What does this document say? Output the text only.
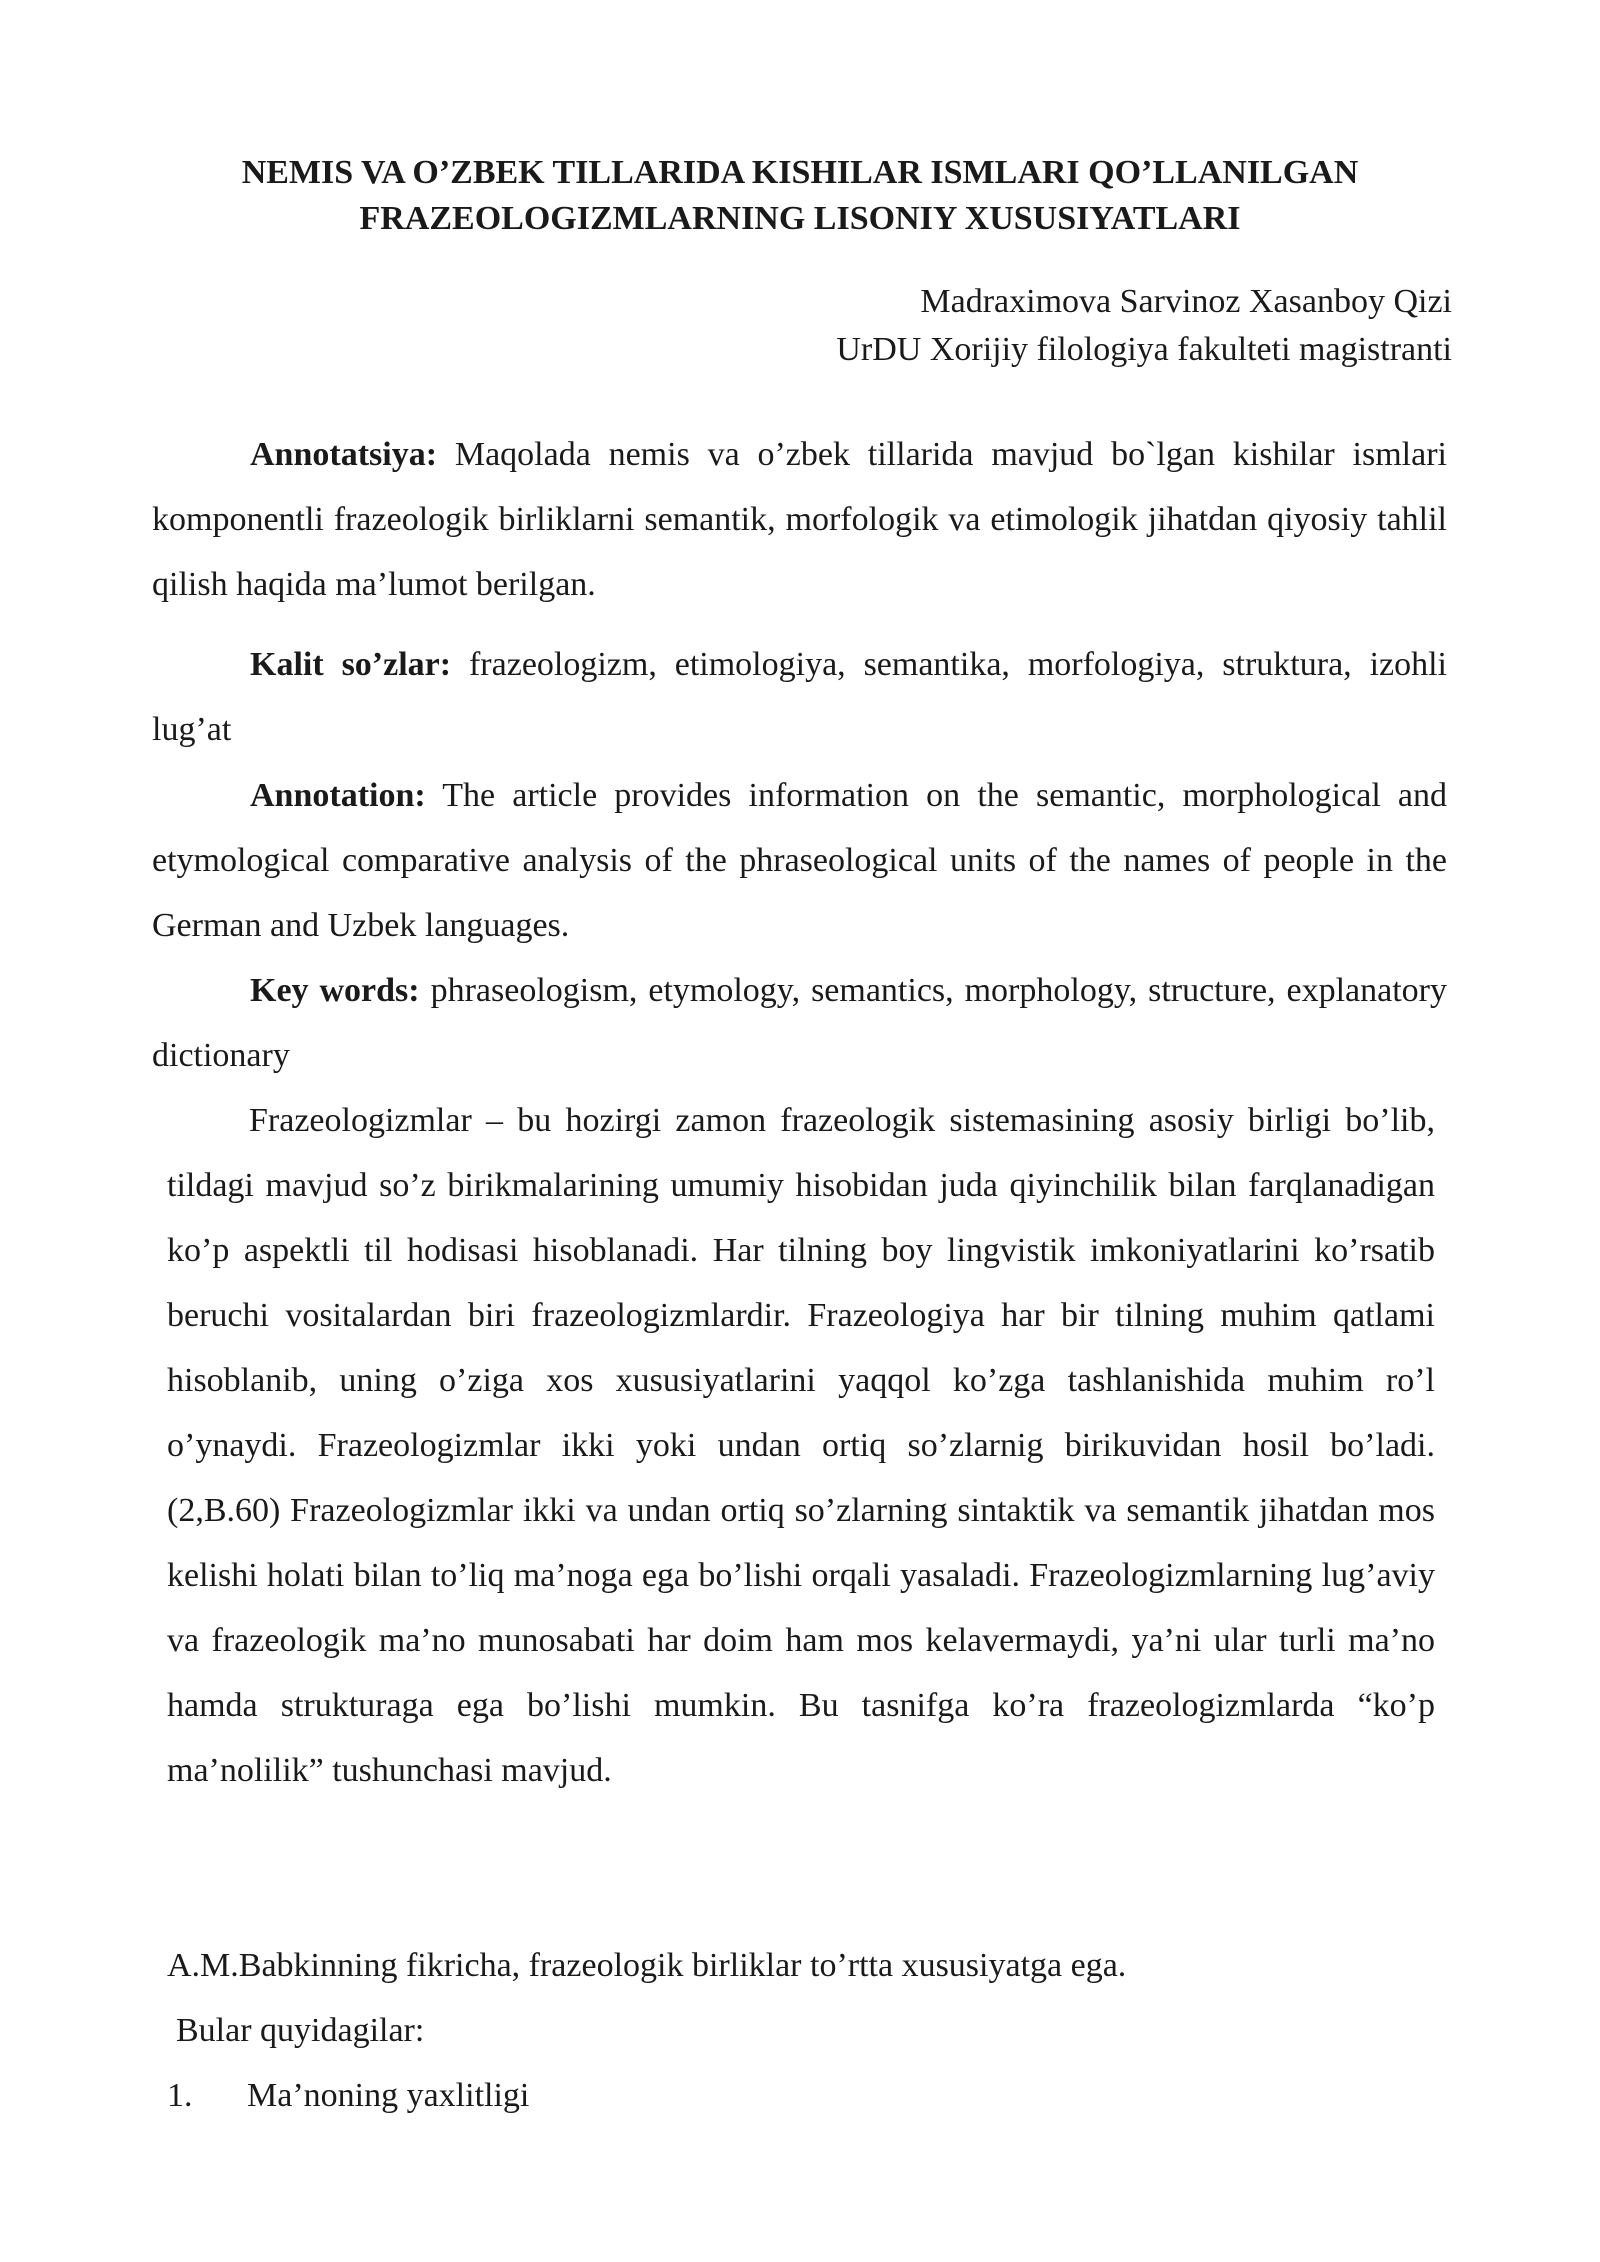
NEMIS VA O’ZBEK TILLARIDA KISHILAR ISMLARI QO’LLANILGAN
FRAZEOLOGIZMLARNING LISONIY XUSUSIYATLARI
Madraximova Sarvinoz Xasanboy Qizi
UrDU Xorijiy filologiya fakulteti magistranti

Annotatsiya: Maqolada nemis va o’zbek tillarida mavjud bo`lgan kishilar ismlari komponentli frazeologik birliklarni semantik, morfologik va etimologik jihatdan qiyosiy tahlil qilish haqida ma’lumot berilgan.

Kalit so’zlar: frazeologizm, etimologiya, semantika, morfologiya, struktura, izohli lug’at

Annotation: The article provides information on the semantic, morphological and etymological comparative analysis of the phraseological units of the names of people in the German and Uzbek languages.

Key words: phraseologism, etymology, semantics, morphology, structure, explanatory dictionary

Frazeologizmlar – bu hozirgi zamon frazeologik sistemasining asosiy birligi bo’lib, tildagi mavjud so’z birikmalarining umumiy hisobidan juda qiyinchilik bilan farqlanadigan ko’p aspektli til hodisasi hisoblanadi. Har tilning boy lingvistik imkoniyatlarini ko’rsatib beruchi vositalardan biri frazeologizmlardir. Frazeologiya har bir tilning muhim qatlami hisoblanib, uning o’ziga xos xususiyatlarini yaqqol ko’zga tashlanishida muhim ro’l o’ynaydi. Frazeologizmlar ikki yoki undan ortiq so’zlarnig birikuvidan hosil bo’ladi. (2,B.60) Frazeologizmlar ikki va undan ortiq so’zlarning sintaktik va semantik jihatdan mos kelishi holati bilan to’liq ma’noga ega bo’lishi orqali yasaladi. Frazeologizmlarning lug’aviy va frazeologik ma’no munosabati har doim ham mos kelavermaydi, ya’ni ular turli ma’no hamda strukturaga ega bo’lishi mumkin. Bu tasnifga ko’ra frazeologizmlarda “ko’p ma’nolilik” tushunchasi mavjud.

A.M.Babkinning fikricha, frazeologik birliklar to’rtta xususiyatga ega.
Bular quyidagilar:
1. Ma’noning yaxlitligi
